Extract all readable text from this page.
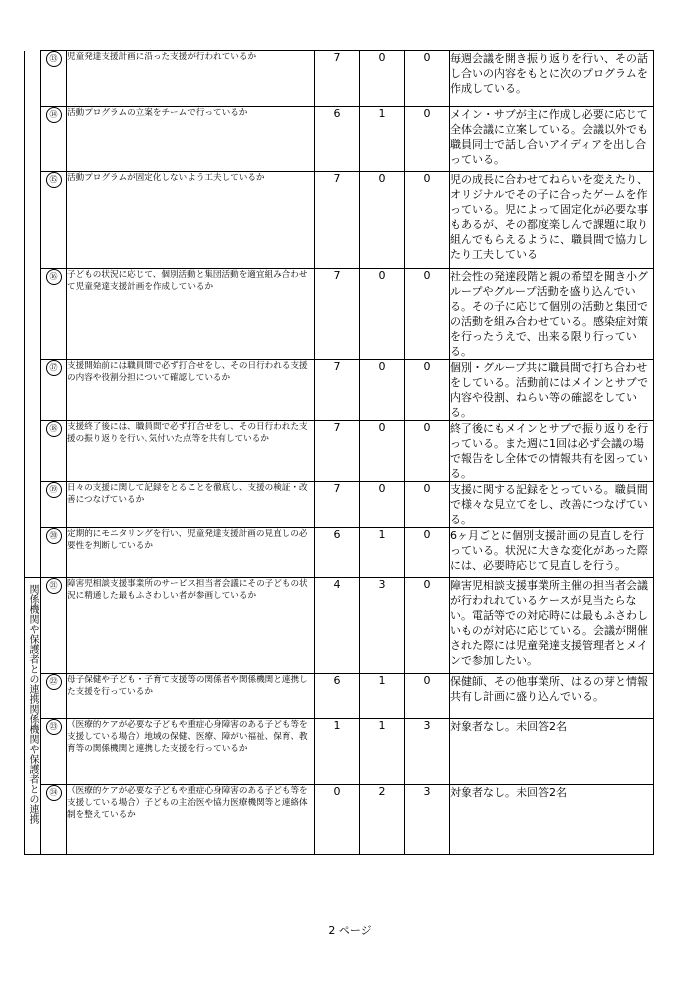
	⑬	児童発達支援計画に沿った支援が行われているか	7	0	0	毎週会議を開き振り返りを行い、その話し合いの内容をもとに次のプログラムを作成している。
	⑭	活動プログラムの立案をチームで行っているか	6	1	0	メイン・サブが主に作成し必要に応じて全体会議に立案している。会議以外でも職員同士で話し合いアイディアを出し合っている。
	⑮	活動プログラムが固定化しないよう工夫しているか	7	0	0	児の成長に合わせてねらいを変えたり、オリジナルでその子に合ったゲームを作っている。児によって固定化が必要な事もあるが、その都度楽しんで課題に取り組んでもらえるように、職員間で協力したり工夫している
	⑯	子どもの状況に応じて、個別活動と集団活動を適宜組み合わせて児童発達支援計画を作成しているか	7	0	0	社会性の発達段階と親の希望を聞き小グループやグループ活動を盛り込んでいる。その子に応じて個別の活動と集団での活動を組み合わせている。感染症対策を行ったうえで、出来る限り行っている。
	⑰	支援開始前には職員間で必ず打合せをし、その日行われる支援の内容や役割分担について確認しているか	7	0	0	個別・グループ共に職員間で打ち合わせをしている。活動前にはメインとサブで内容や役割、ねらい等の確認をしている。
	⑱	支援終了後には、職員間で必ず打合せをし、その日行われた支援の振り返りを行い､気付いた点等を共有しているか	7	0	0	終了後にもメインとサブで振り返りを行っている。また週に1回は必ず会議の場で報告をし全体での情報共有を図っている。
	⑲	日々の支援に関して記録をとることを徹底し、支援の検証・改善につなげているか	7	0	0	支援に関する記録をとっている。職員間で様々な見立てをし、改善につなげている。
	⑳	定期的にモニタリングを行い、児童発達支援計画の見直しの必要性を判断しているか	6	1	0	6ヶ月ごとに個別支援計画の見直しを行っている。状況に大きな変化があった際には、必要時応じて見直しを行う。

関係機関や保護者との連携関係機関や保護者との連携	㉑	障害児相談支援事業所のサービス担当者会議にその子どもの状況に精通した最もふさわしい者が参画しているか	4	3	0	障害児相談支援事業所主催の担当者会議が行われれているケースが見当たらない。電話等での対応時には最もふさわしいものが対応に応じている。会議が開催された際には児童発達支援管理者とメインで参加したい。
	㉒	母子保健や子ども・子育て支援等の関係者や関係機関と連携した支援を行っているか	6	1	0	保健師、その他事業所、はるの芽と情報共有し計画に盛り込んでいる。
	㉓	（医療的ケアが必要な子どもや重症心身障害のある子ども等を支援している場合）地域の保健、医療、障がい福祉、保育、教育等の関係機関と連携した支援を行っているか	1	1	3	対象者なし。未回答2名
	㉔	（医療的ケアが必要な子どもや重症心身障害のある子ども等を支援している場合）子どもの主治医や協力医療機関等と連絡体制を整えているか	0	2	3	対象者なし。未回答2名
2 ページ
